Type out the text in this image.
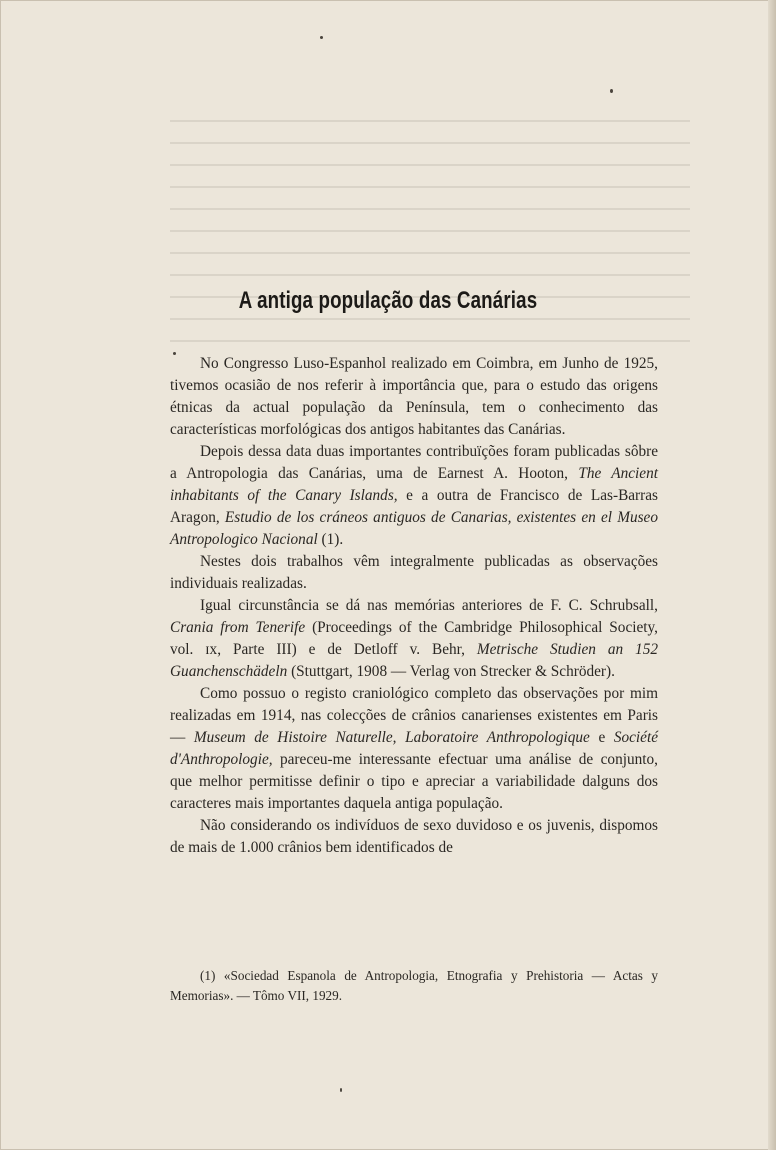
A antiga população das Canárias

No Congresso Luso-Espanhol realizado em Coimbra, em Junho de 1925, tivemos ocasião de nos referir à importância que, para o estudo das origens étnicas da actual população da Península, tem o conhecimento das características morfológicas dos antigos habitantes das Canárias.

Depois dessa data duas importantes contribuïções foram publicadas sôbre a Antropologia das Canárias, uma de Earnest A. Hooton, The Ancient inhabitants of the Canary Islands, e a outra de Francisco de Las-Barras Aragon, Estudio de los cráneos antiguos de Canarias, existentes en el Museo Antropologico Nacional (1).

Nestes dois trabalhos vêm integralmente publicadas as observações individuais realizadas.

Igual circunstância se dá nas memórias anteriores de F. C. Schrubsall, Crania from Tenerife (Proceedings of the Cambridge Philosophical Society, vol. ɪx, Parte III) e de Detloff v. Behr, Metrische Studien an 152 Guanchenschädeln (Stuttgart, 1908 — Verlag von Strecker & Schröder).

Como possuo o registo craniológico completo das observações por mim realizadas em 1914, nas colecções de crânios canarienses existentes em Paris — Museum de Histoire Naturelle, Laboratoire Anthropologique e Société d'Anthropologie, pareceu-me interessante efectuar uma análise de conjunto, que melhor permitisse definir o tipo e apreciar a variabilidade dalguns dos caracteres mais importantes daquela antiga população.

Não considerando os indivíduos de sexo duvidoso e os juvenis, dispomos de mais de 1.000 crânios bem identificados de

(1) «Sociedad Espanola de Antropologia, Etnografia y Prehistoria — Actas y Memorias». — Tômo VII, 1929.
